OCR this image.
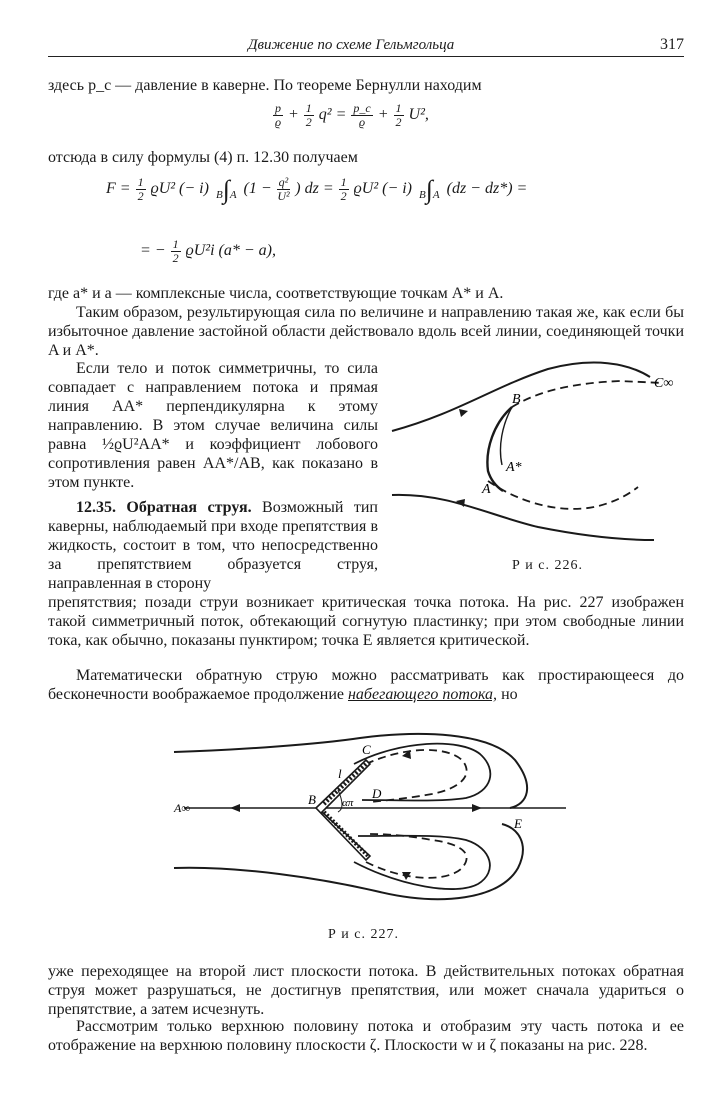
Движение по схеме Гельмгольца	317

здесь p_c — давление в каверне. По теореме Бернулли находим

$\frac{p}{ϱ} + \frac{1}{2} q^2 = \frac{p\_c}{ϱ} + \frac{1}{2} U^2$,

отсюда в силу формулы (4) п. 12.30 получаем

$F = \frac{1}{2} ϱU^2$ (− i) B∫A ($1 - \frac{\text{q²}}{\text{U²}}$ ) dz = $\frac{1}{2} ϱU^2$ (− i) B∫A (dz − dz*) =
= − $\frac{1}{2} ϱU^2i$ (a* − a),

где a* и a — комплексные числа, соответствующие точкам A* и A.

Таким образом, результирующая сила по величине и направлению такая же, как если бы избыточное давление застойной области действовало вдоль всей линии, соединяющей точки A и A*.

Если тело и поток симметричны, то сила совпадает с направлением потока и прямая линия AA* перпендикулярна к этому направлению. В этом случае величина силы равна ½ϱU²AA* и коэффициент лобового сопротивления равен AA*/AB, как показано в этом пункте.

12.35. Обратная струя. Возможный тип каверны, наблюдаемый при входе препятствия в жидкость, состоит в том, что непосредственно за препятствием образуется струя, направленная в сторону

B
C∞
A*
A
Р и с. 226.

препятствия; позади струи возникает критическая точка потока. На рис. 227 изображен такой симметричный поток, обтекающий согнутую пластинку; при этом свободные линии тока, как обычно, показаны пунктиром; точка E является критической.

Математически обратную струю можно рассматривать как простирающееся до бесконечности воображаемое продолжение набегающего потока, но

C
l
B απ
D
A∞
E
Р и с. 227.

уже переходящее на второй лист плоскости потока. В действительных потоках обратная струя может разрушаться, не достигнув препятствия, или может сначала удариться о препятствие, а затем исчезнуть.

Рассмотрим только верхнюю половину потока и отобразим эту часть потока и ее отображение на верхнюю половину плоскости ζ. Плоскости w и ζ показаны на рис. 228.
